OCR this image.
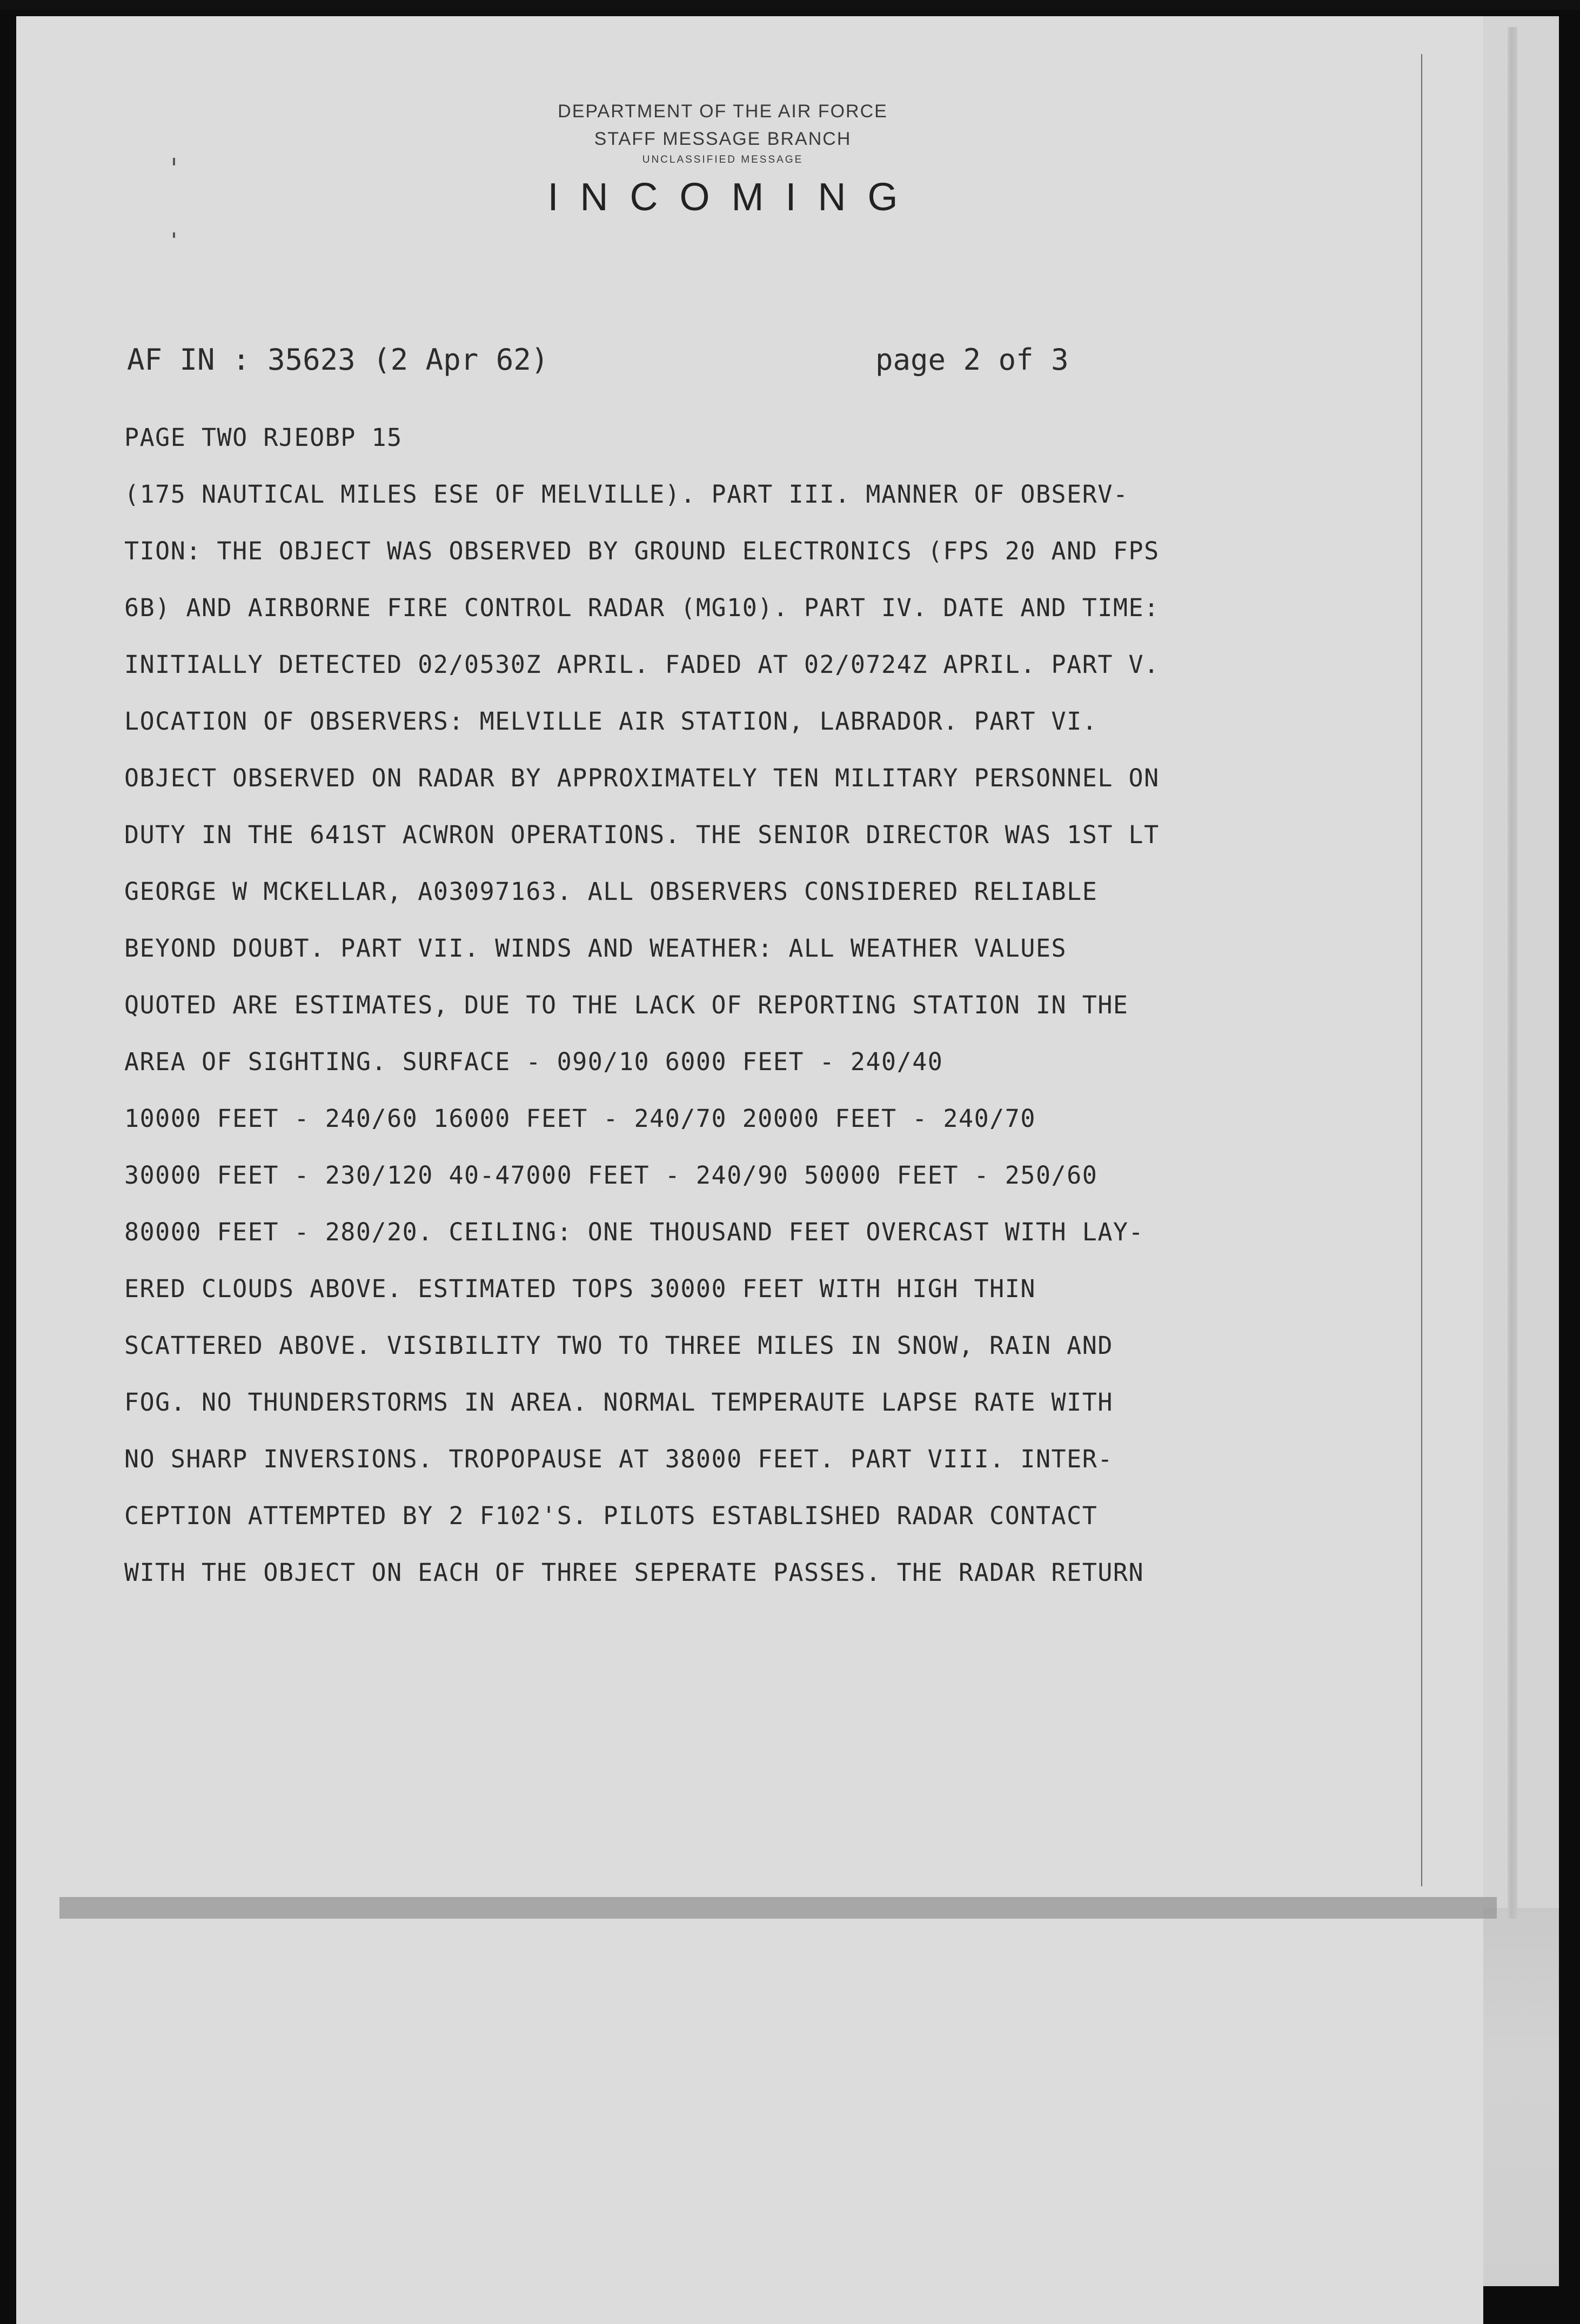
DEPARTMENT OF THE AIR FORCE
STAFF MESSAGE BRANCH
UNCLASSIFIED MESSAGE
INCOMING
AF IN : 35623 (2 Apr 62)	page 2 of 3
PAGE TWO RJEOBP 15
(175 NAUTICAL MILES ESE OF MELVILLE). PART III. MANNER OF OBSERV-
TION: THE OBJECT WAS OBSERVED BY GROUND ELECTRONICS (FPS 20 AND FPS
6B) AND AIRBORNE FIRE CONTROL RADAR (MG10). PART IV. DATE AND TIME:
INITIALLY DETECTED 02/0530Z APRIL. FADED AT 02/0724Z APRIL. PART V.
LOCATION OF OBSERVERS: MELVILLE AIR STATION, LABRADOR. PART VI.
OBJECT OBSERVED ON RADAR BY APPROXIMATELY TEN MILITARY PERSONNEL ON
DUTY IN THE 641ST ACWRON OPERATIONS. THE SENIOR DIRECTOR WAS 1ST LT
GEORGE W MCKELLAR, A03097163. ALL OBSERVERS CONSIDERED RELIABLE
BEYOND DOUBT. PART VII. WINDS AND WEATHER: ALL WEATHER VALUES
QUOTED ARE ESTIMATES, DUE TO THE LACK OF REPORTING STATION IN THE
AREA OF SIGHTING. SURFACE - 090/10 6000 FEET - 240/40
10000 FEET - 240/60 16000 FEET - 240/70 20000 FEET - 240/70
30000 FEET - 230/120 40-47000 FEET - 240/90 50000 FEET - 250/60
80000 FEET - 280/20. CEILING: ONE THOUSAND FEET OVERCAST WITH LAY-
ERED CLOUDS ABOVE. ESTIMATED TOPS 30000 FEET WITH HIGH THIN
SCATTERED ABOVE. VISIBILITY TWO TO THREE MILES IN SNOW, RAIN AND
FOG. NO THUNDERSTORMS IN AREA. NORMAL TEMPERAUTE LAPSE RATE WITH
NO SHARP INVERSIONS. TROPOPAUSE AT 38000 FEET. PART VIII. INTER-
CEPTION ATTEMPTED BY 2 F102'S. PILOTS ESTABLISHED RADAR CONTACT
WITH THE OBJECT ON EACH OF THREE SEPERATE PASSES. THE RADAR RETURN
